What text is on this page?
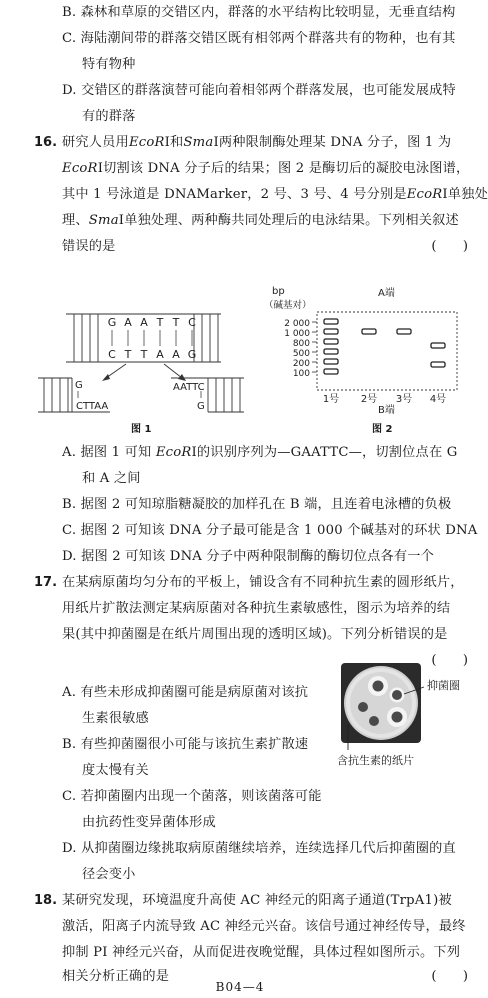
B. 森林和草原的交错区内，群落的水平结构比较明显，无垂直结构
C. 海陆潮间带的群落交错区既有相邻两个群落共有的物种，也有其
特有物种
D. 交错区的群落演替可能向着相邻两个群落发展，也可能发展成特
有的群落
16. 研究人员用EcoRⅠ和SmaⅠ两种限制酶处理某 DNA 分子，图 1 为
EcoRⅠ切割该 DNA 分子后的结果；图 2 是酶切后的凝胶电泳图谱，
其中 1 号泳道是 DNAMarker，2 号、3 号、4 号分别是EcoRⅠ单独处
理、SmaⅠ单独处理、两种酶共同处理后的电泳结果。下列相关叙述
错误的是	(　　)
G A A T T C
C T T A A G
G
CTTAA
AATTC
G
图 1
bp
（碱基对）
A端
2 000
1 000
800
500
200
100
1号 2号 3号 4号
B端
图 2
A. 据图 1 可知 EcoRⅠ的识别序列为—GAATTC—，切割位点在 G
和 A 之间
B. 据图 2 可知琼脂糖凝胶的加样孔在 B 端，且连着电泳槽的负极
C. 据图 2 可知该 DNA 分子最可能是含 1 000 个碱基对的环状 DNA
D. 据图 2 可知该 DNA 分子中两种限制酶的酶切位点各有一个
17. 在某病原菌均匀分布的平板上，铺设含有不同种抗生素的圆形纸片，
用纸片扩散法测定某病原菌对各种抗生素敏感性，图示为培养的结
果(其中抑菌圈是在纸片周围出现的透明区域)。下列分析错误的是
(　　)
A. 有些未形成抑菌圈可能是病原菌对该抗
生素很敏感
B. 有些抑菌圈很小可能与该抗生素扩散速
度太慢有关
C. 若抑菌圈内出现一个菌落，则该菌落可能
由抗药性变异菌体形成
D. 从抑菌圈边缘挑取病原菌继续培养，连续选择几代后抑菌圈的直
径会变小
抑菌圈
含抗生素的纸片
18. 某研究发现，环境温度升高使 AC 神经元的阳离子通道(TrpA1)被
激活，阳离子内流导致 AC 神经元兴奋。该信号通过神经传导，最终
抑制 PI 神经元兴奋，从而促进夜晚觉醒，具体过程如图所示。下列
相关分析正确的是	(　　)
B04—4
